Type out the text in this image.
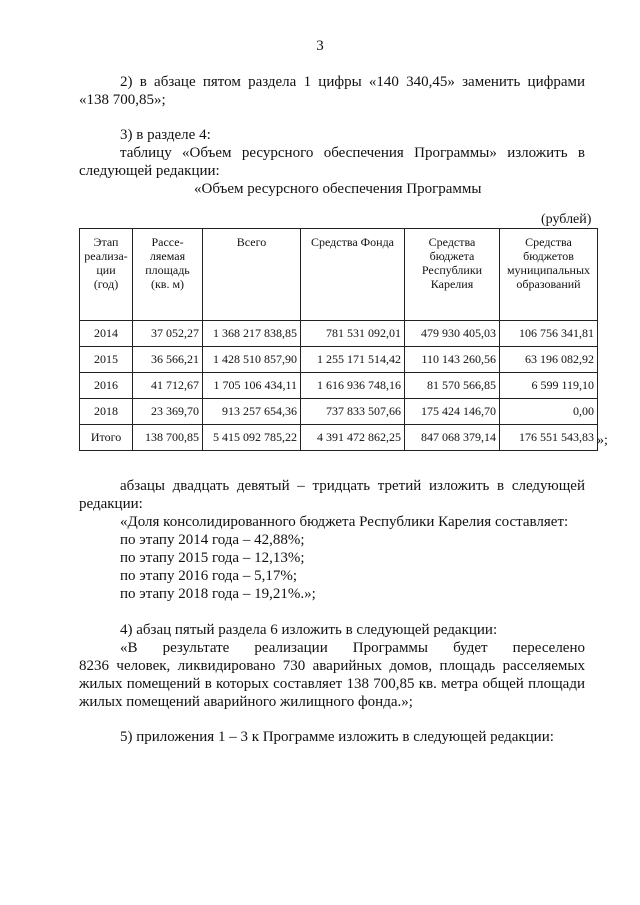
3
2) в абзаце пятом раздела 1 цифры «140 340,45» заменить цифрами
«138 700,85»;
3) в разделе 4:
таблицу «Объем ресурсного обеспечения Программы» изложить в
следующей редакции:
«Объем ресурсного обеспечения Программы
(рублей)
Этап реализа-ции (год)	Рассе-ляемая площадь (кв. м)	Всего	Средства Фонда	Средства бюджета Республики Карелия	Средства бюджетов муниципальных образований
2014	37 052,27	1 368 217 838,85	781 531 092,01	479 930 405,03	106 756 341,81
2015	36 566,21	1 428 510 857,90	1 255 171 514,42	110 143 260,56	63 196 082,92
2016	41 712,67	1 705 106 434,11	1 616 936 748,16	81 570 566,85	6 599 119,10
2018	23 369,70	913 257 654,36	737 833 507,66	175 424 146,70	0,00
Итого	138 700,85	5 415 092 785,22	4 391 472 862,25	847 068 379,14	176 551 543,83 »;
абзацы двадцать девятый – тридцать третий изложить в следующей
редакции:
«Доля консолидированного бюджета Республики Карелия составляет:
по этапу 2014 года – 42,88%;
по этапу 2015 года – 12,13%;
по этапу 2016 года – 5,17%;
по этапу 2018 года – 19,21%.»;
4) абзац пятый раздела 6 изложить в следующей редакции:
«В результате реализации Программы будет переселено
8236 человек, ликвидировано 730 аварийных домов, площадь расселяемых
жилых помещений в которых составляет 138 700,85 кв. метра общей площади
жилых помещений аварийного жилищного фонда.»;
5) приложения 1 – 3 к Программе изложить в следующей редакции:
